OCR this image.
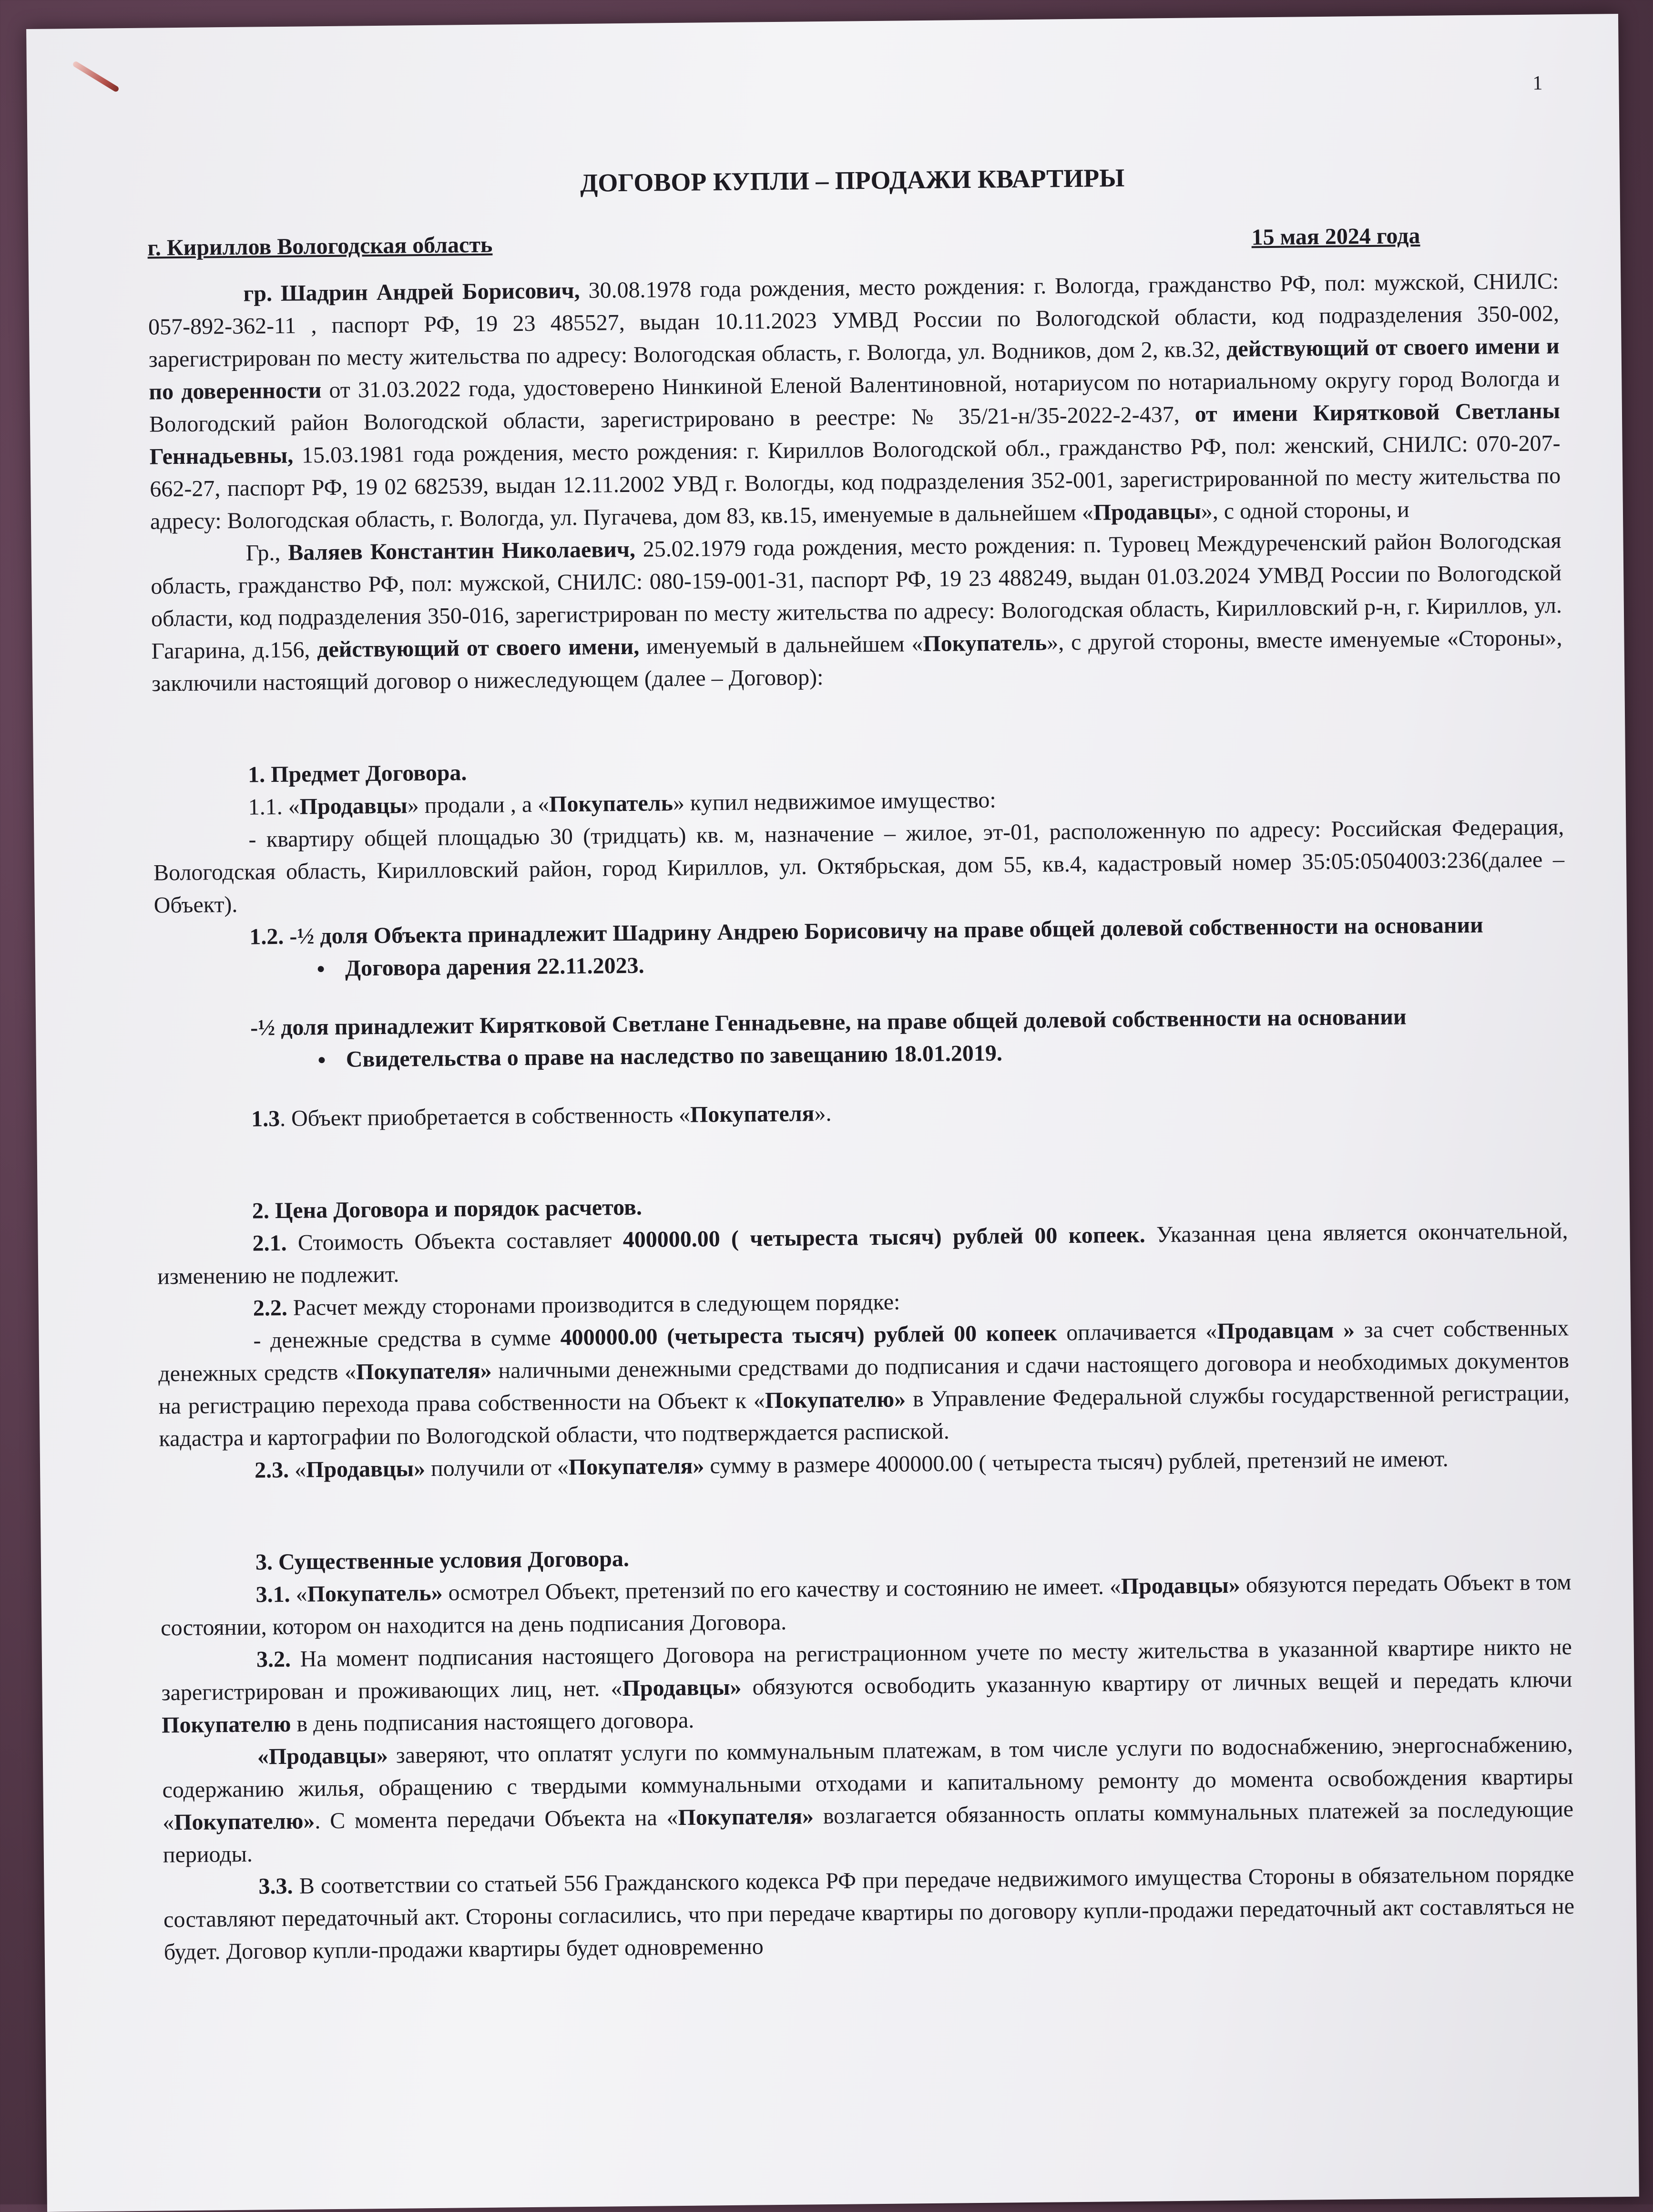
1
ДОГОВОР КУПЛИ – ПРОДАЖИ КВАРТИРЫ
г. Кириллов Вологодская область	15 мая 2024 года

гр. Шадрин Андрей Борисович, 30.08.1978 года рождения, место рождения: г. Вологда, гражданство РФ, пол: мужской, СНИЛС: 057-892-362-11 , паспорт РФ, 19 23 485527, выдан 10.11.2023 УМВД России по Вологодской области, код подразделения 350-002, зарегистрирован по месту жительства по адресу: Вологодская область, г. Вологда, ул. Водников, дом 2, кв.32, действующий от своего имени и по доверенности от 31.03.2022 года, удостоверено Нинкиной Еленой Валентиновной, нотариусом по нотариальному округу город Вологда и Вологодский район Вологодской области, зарегистрировано в реестре: № 35/21-н/35-2022-2-437, от имени Кирятковой Светланы Геннадьевны, 15.03.1981 года рождения, место рождения: г. Кириллов Вологодской обл., гражданство РФ, пол: женский, СНИЛС: 070-207-662-27, паспорт РФ, 19 02 682539, выдан 12.11.2002 УВД г. Вологды, код подразделения 352-001, зарегистрированной по месту жительства по адресу: Вологодская область, г. Вологда, ул. Пугачева, дом 83, кв.15, именуемые в дальнейшем «Продавцы», с одной стороны, и

Гр., Валяев Константин Николаевич, 25.02.1979 года рождения, место рождения: п. Туровец Междуреченский район Вологодская область, гражданство РФ, пол: мужской, СНИЛС: 080-159-001-31, паспорт РФ, 19 23 488249, выдан 01.03.2024 УМВД России по Вологодской области, код подразделения 350-016, зарегистрирован по месту жительства по адресу: Вологодская область, Кирилловский р-н, г. Кириллов, ул. Гагарина, д.156, действующий от своего имени, именуемый в дальнейшем «Покупатель», с другой стороны, вместе именуемые «Стороны», заключили настоящий договор о нижеследующем (далее – Договор):

1. Предмет Договора.

1.1. «Продавцы» продали , а «Покупатель» купил недвижимое имущество:

- квартиру общей площадью 30 (тридцать) кв. м, назначение – жилое, эт-01, расположенную по адресу: Российская Федерация, Вологодская область, Кирилловский район, город Кириллов, ул. Октябрьская, дом 55, кв.4, кадастровый номер 35:05:0504003:236(далее – Объект).

1.2. -½ доля Объекта принадлежит Шадрину Андрею Борисовичу на праве общей долевой собственности на основании

● Договора дарения 22.11.2023.

-½ доля принадлежит Кирятковой Светлане Геннадьевне, на праве общей долевой собственности на основании

● Свидетельства о праве на наследство по завещанию 18.01.2019.

1.3. Объект приобретается в собственность «Покупателя».

2. Цена Договора и порядок расчетов.

2.1. Стоимость Объекта составляет 400000.00 ( четыреста тысяч) рублей 00 копеек. Указанная цена является окончательной, изменению не подлежит.

2.2. Расчет между сторонами производится в следующем порядке:

- денежные средства в сумме 400000.00 (четыреста тысяч) рублей 00 копеек оплачивается «Продавцам » за счет собственных денежных средств «Покупателя» наличными денежными средствами до подписания и сдачи настоящего договора и необходимых документов на регистрацию перехода права собственности на Объект к «Покупателю» в Управление Федеральной службы государственной регистрации, кадастра и картографии по Вологодской области, что подтверждается распиской.

2.3. «Продавцы» получили от «Покупателя» сумму в размере 400000.00 ( четыреста тысяч) рублей, претензий не имеют.

3. Существенные условия Договора.

3.1. «Покупатель» осмотрел Объект, претензий по его качеству и состоянию не имеет. «Продавцы» обязуются передать Объект в том состоянии, котором он находится на день подписания Договора.

3.2. На момент подписания настоящего Договора на регистрационном учете по месту жительства в указанной квартире никто не зарегистрирован и проживающих лиц, нет. «Продавцы» обязуются освободить указанную квартиру от личных вещей и передать ключи Покупателю в день подписания настоящего договора.

«Продавцы» заверяют, что оплатят услуги по коммунальным платежам, в том числе услуги по водоснабжению, энергоснабжению, содержанию жилья, обращению с твердыми коммунальными отходами и капитальному ремонту до момента освобождения квартиры «Покупателю». С момента передачи Объекта на «Покупателя» возлагается обязанность оплаты коммунальных платежей за последующие периоды.

3.3. В соответствии со статьей 556 Гражданского кодекса РФ при передаче недвижимого имущества Стороны в обязательном порядке составляют передаточный акт. Стороны согласились, что при передаче квартиры по договору купли-продажи передаточный акт составляться не будет. Договор купли-продажи квартиры будет одновременно
